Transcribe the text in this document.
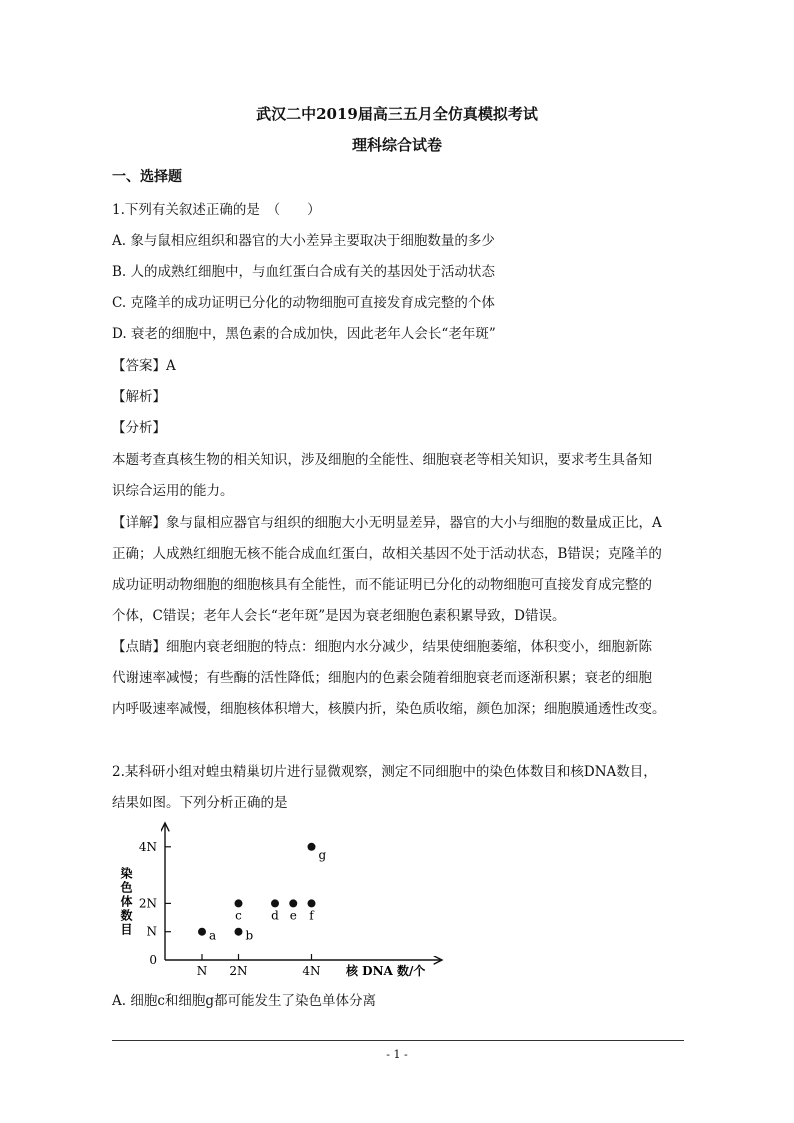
武汉二中2019届高三五月全仿真模拟考试
理科综合试卷
一、选择题
1.下列有关叙述正确的是　（　　）
A. 象与鼠相应组织和器官的大小差异主要取决于细胞数量的多少
B. 人的成熟红细胞中，与血红蛋白合成有关的基因处于活动状态
C. 克隆羊的成功证明已分化的动物细胞可直接发育成完整的个体
D. 衰老的细胞中，黑色素的合成加快，因此老年人会长“老年斑”
【答案】A
【解析】
【分析】
本题考查真核生物的相关知识，涉及细胞的全能性、细胞衰老等相关知识，要求考生具备知
识综合运用的能力。
【详解】象与鼠相应器官与组织的细胞大小无明显差异，器官的大小与细胞的数量成正比，A
正确；人成熟红细胞无核不能合成血红蛋白，故相关基因不处于活动状态，B错误；克隆羊的
成功证明动物细胞的细胞核具有全能性，而不能证明已分化的动物细胞可直接发育成完整的
个体，C错误；老年人会长“老年斑”是因为衰老细胞色素积累导致，D错误。
【点睛】细胞内衰老细胞的特点：细胞内水分减少，结果使细胞萎缩，体积变小，细胞新陈
代谢速率减慢；有些酶的活性降低；细胞内的色素会随着细胞衰老而逐渐积累；衰老的细胞
内呼吸速率减慢，细胞核体积增大，核膜内折，染色质收缩，颜色加深；细胞膜通透性改变。
2.某科研小组对蝗虫精巢切片进行显微观察，测定不同细胞中的染色体数目和核DNA数目，
结果如图。下列分析正确的是
0
N
2N
4N
N 2N	4N
a b
c d e f
g
染色体数目
核 DNA 数/个
A. 细胞c和细胞g都可能发生了染色单体分离
- 1 -
